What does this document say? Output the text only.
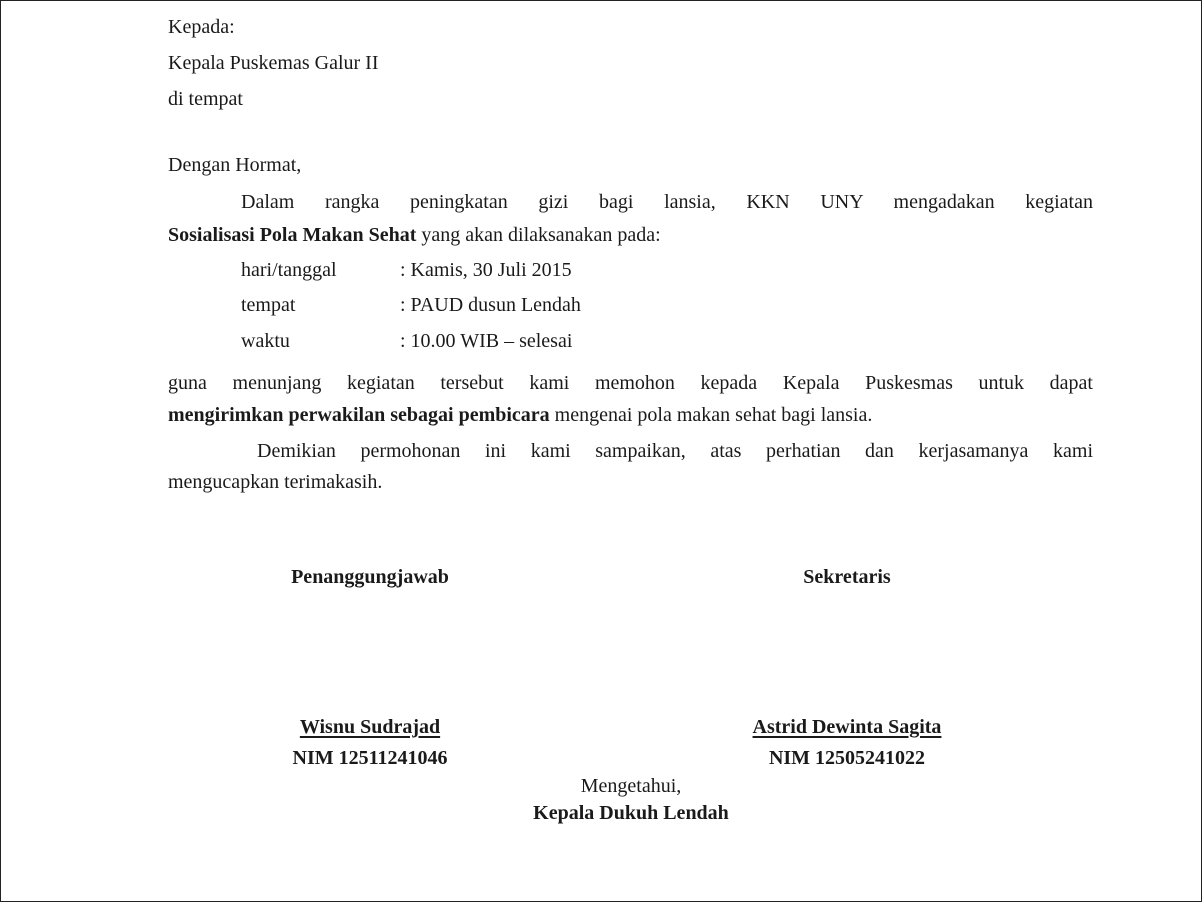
Kepada:
Kepala Puskemas Galur II
di tempat
Dengan Hormat,
Dalam rangka peningkatan gizi bagi lansia, KKN UNY mengadakan kegiatan
Sosialisasi Pola Makan Sehat yang akan dilaksanakan pada:
hari/tanggal	: Kamis, 30 Juli 2015
tempat	: PAUD dusun Lendah
waktu	: 10.00 WIB – selesai
guna menunjang kegiatan tersebut kami memohon kepada Kepala Puskesmas untuk dapat
mengirimkan perwakilan sebagai pembicara mengenai pola makan sehat bagi lansia.
Demikian permohonan ini kami sampaikan, atas perhatian dan kerjasamanya kami
mengucapkan terimakasih.
Penanggungjawab	Sekretaris
Wisnu Sudrajad	Astrid Dewinta Sagita
NIM 12511241046	NIM 12505241022
Mengetahui,
Kepala Dukuh Lendah
